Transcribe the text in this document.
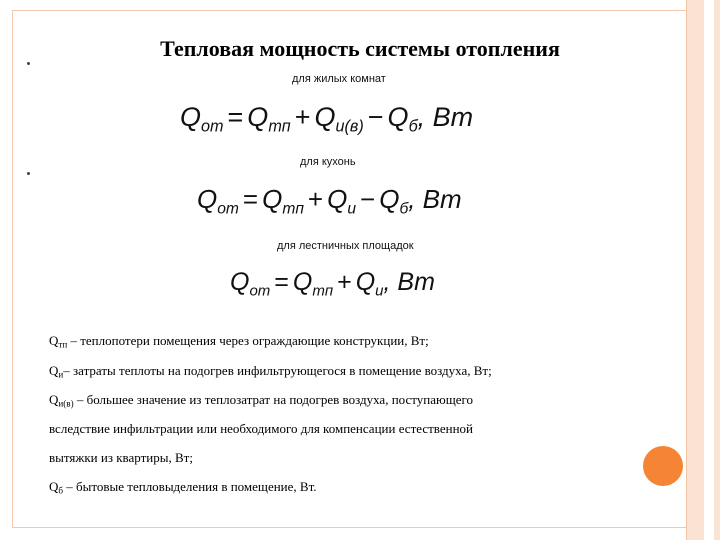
Тепловая мощность системы отопления
для жилых комнат
$Q_{от} = Q_{тп} + Q_{и(в)} - Q_б$, Вт
для кухонь
$Q_{от} = Q_{тп} + Q_и - Q_б$, Вт
для лестничных площадок
$Q_{от} = Q_{тп} + Q_и$, Вт
$Q_{тп}$ – теплопотери помещения через ограждающие конструкции, Вт;
$Q_и-$ затраты теплоты на подогрев инфильтрующегося в помещение воздуха, Вт;
$Q_{и(в)}$ – большее значение из теплозатрат на подогрев воздуха, поступающего
вследствие инфильтрации или необходимого для компенсации естественной
вытяжки из квартиры, Вт;
$Q_б$ – бытовые тепловыделения в помещение, Вт.
